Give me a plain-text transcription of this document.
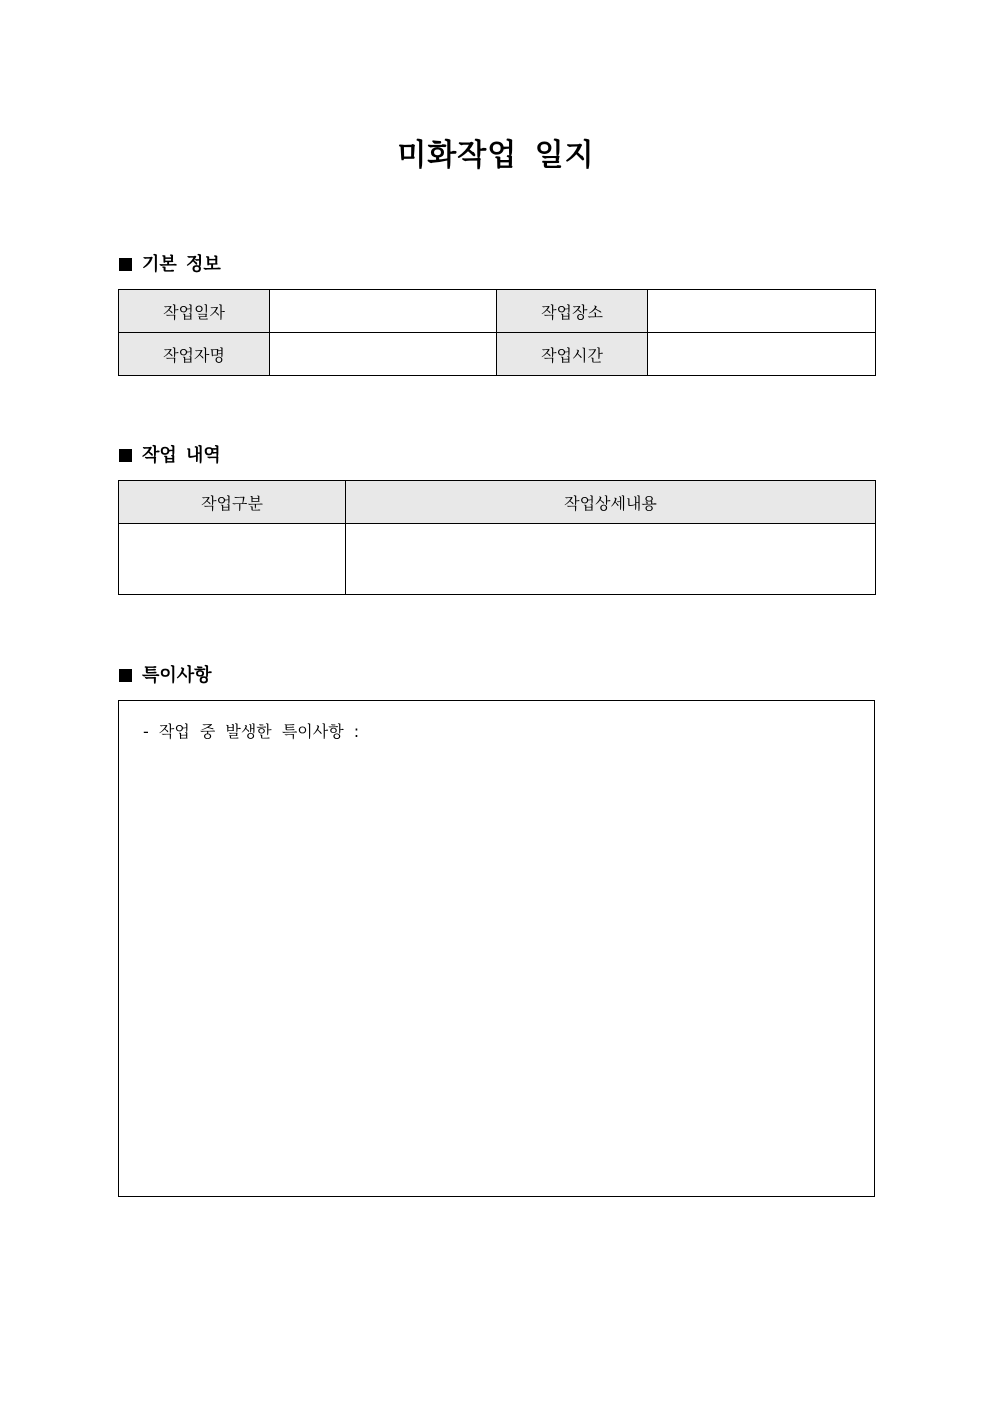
미화작업 일지
기본 정보
작업일자		작업장소	
작업자명		작업시간	
작업 내역
작업구분	작업상세내용

특이사항
- 작업 중 발생한 특이사항 :
